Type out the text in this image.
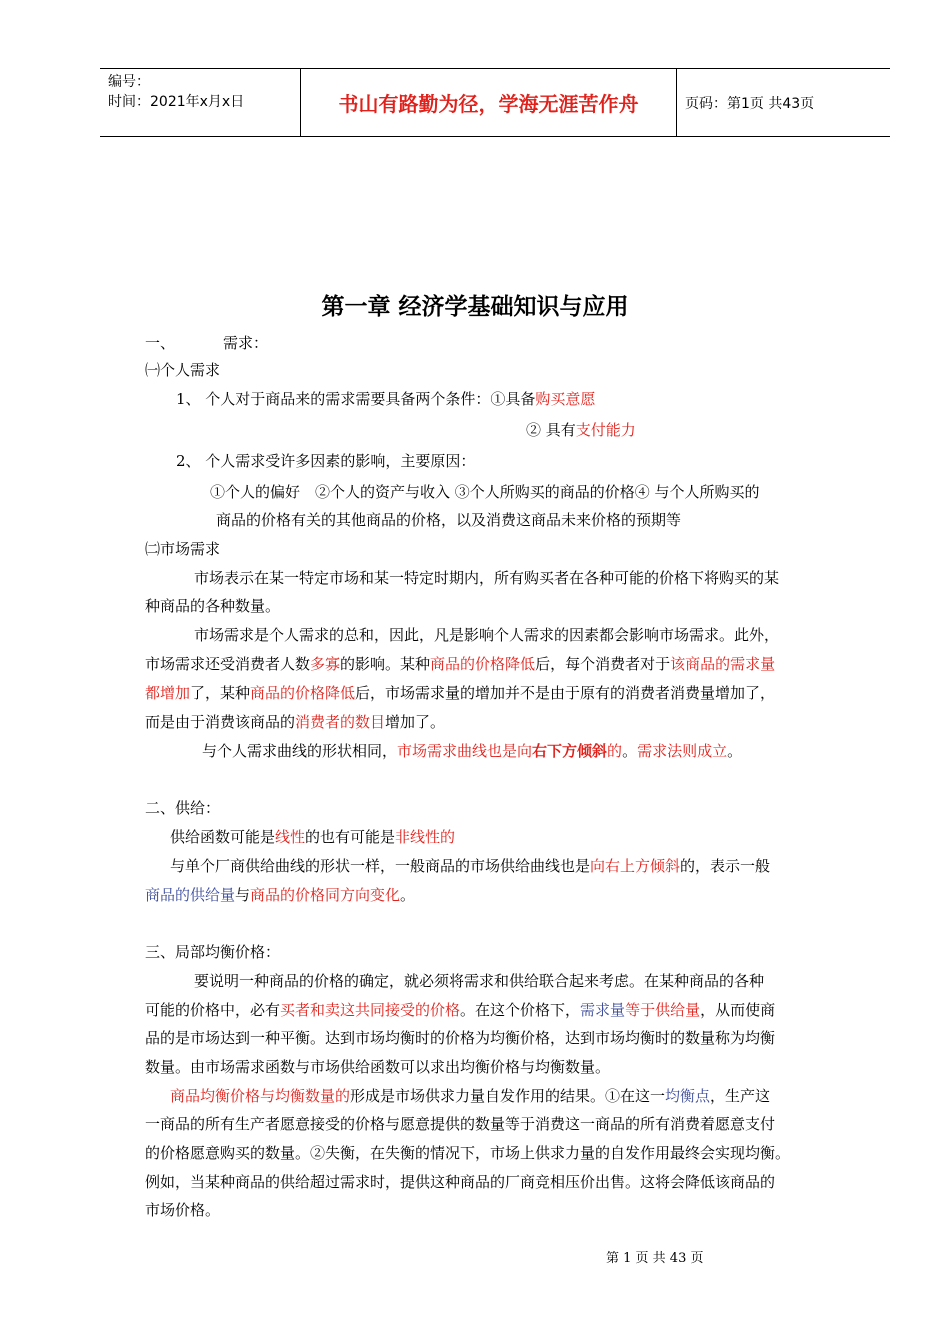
编号：
时间：2021年x月x日	书山有路勤为径，学海无涯苦作舟	页码：第1页 共43页
第一章 经济学基础知识与应用
一、	需求：
㈠个人需求
1、 个人对于商品来的需求需要具备两个条件：①具备购买意愿
② 具有支付能力
2、 个人需求受许多因素的影响，主要原因：
①个人的偏好　②个人的资产与收入 ③个人所购买的商品的价格④ 与个人所购买的
商品的价格有关的其他商品的价格，以及消费这商品未来价格的预期等
㈡市场需求
市场表示在某一特定市场和某一特定时期内，所有购买者在各种可能的价格下将购买的某
种商品的各种数量。
市场需求是个人需求的总和，因此，凡是影响个人需求的因素都会影响市场需求。此外，
市场需求还受消费者人数多寡的影响。某种商品的价格降低后，每个消费者对于该商品的需求量
都增加了，某种商品的价格降低后，市场需求量的增加并不是由于原有的消费者消费量增加了，
而是由于消费该商品的消费者的数目增加了。
与个人需求曲线的形状相同，市场需求曲线也是向右下方倾斜的。需求法则成立。
二、供给：
供给函数可能是线性的也有可能是非线性的
与单个厂商供给曲线的形状一样，一般商品的市场供给曲线也是向右上方倾斜的，表示一般
商品的供给量与商品的价格同方向变化。
三、局部均衡价格：
要说明一种商品的价格的确定，就必须将需求和供给联合起来考虑。在某种商品的各种
可能的价格中，必有买者和卖这共同接受的价格。在这个价格下，需求量等于供给量，从而使商
品的是市场达到一种平衡。达到市场均衡时的价格为均衡价格，达到市场均衡时的数量称为均衡
数量。由市场需求函数与市场供给函数可以求出均衡价格与均衡数量。
商品均衡价格与均衡数量的形成是市场供求力量自发作用的结果。①在这一均衡点，生产这
一商品的所有生产者愿意接受的价格与愿意提供的数量等于消费这一商品的所有消费着愿意支付
的价格愿意购买的数量。②失衡，在失衡的情况下，市场上供求力量的自发作用最终会实现均衡。
例如，当某种商品的供给超过需求时，提供这种商品的厂商竞相压价出售。这将会降低该商品的
市场价格。
第 1 页 共 43 页
